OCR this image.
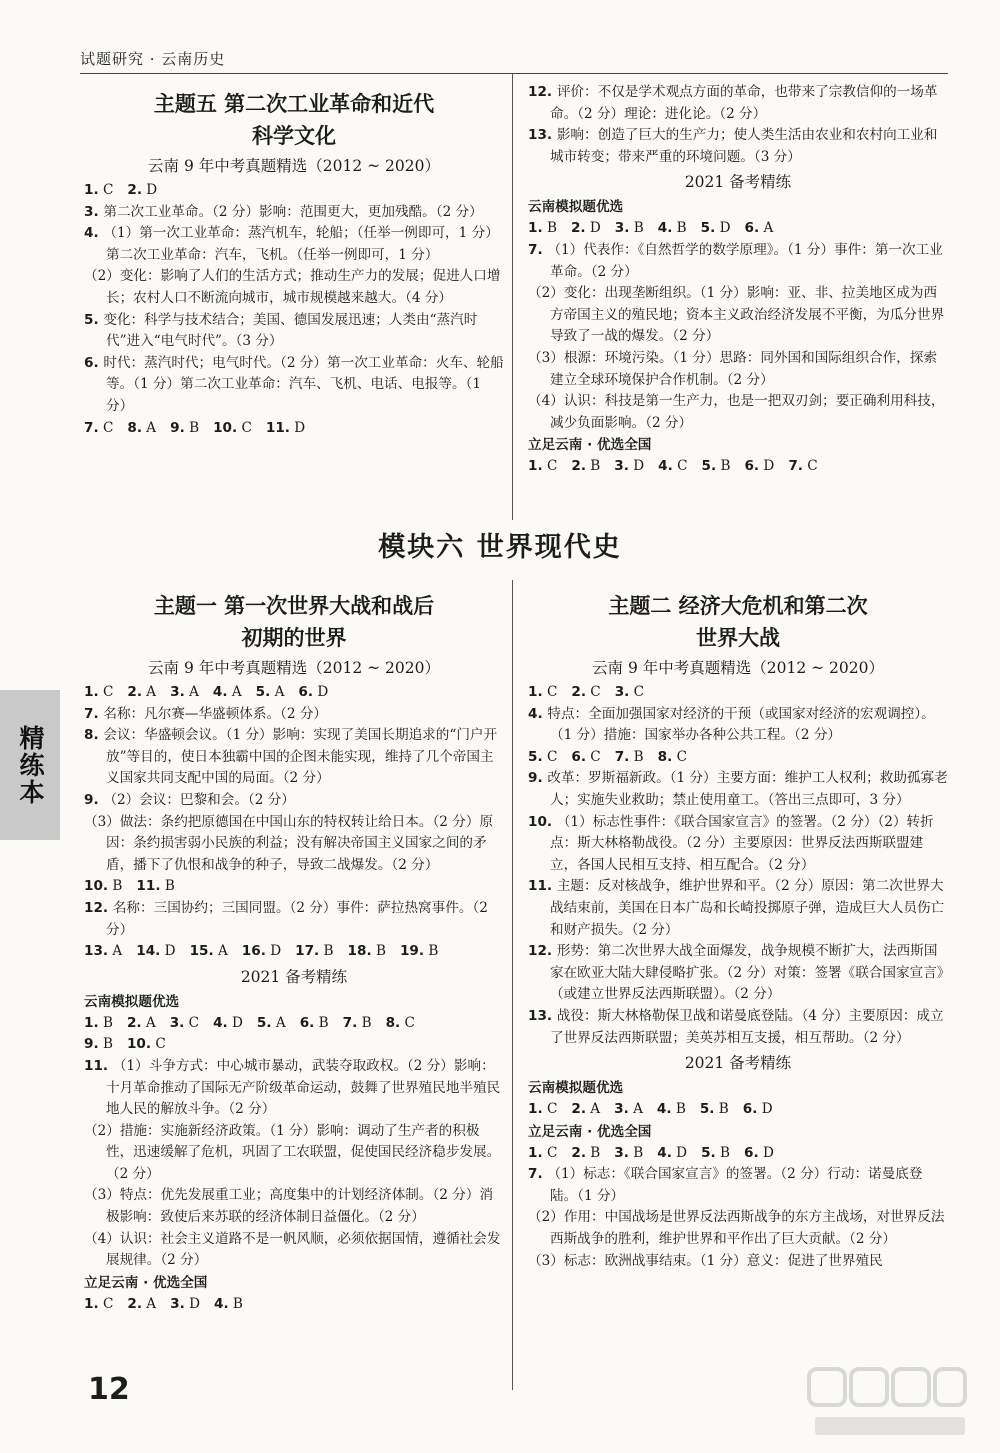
试题研究 · 云南历史
主题五 第二次工业革命和近代
科学文化
云南 9 年中考真题精选（2012 ~ 2020）
1. C 2. D

3. 第二次工业革命。（2 分）影响：范围更大，更加残酷。（2 分）

4. （1）第一次工业革命：蒸汽机车，轮船；（任举一例即可，1 分）第二次工业革命：汽车，飞机。（任举一例即可，1 分）

（2）变化：影响了人们的生活方式；推动生产力的发展；促进人口增长；农村人口不断流向城市，城市规模越来越大。（4 分）

5. 变化：科学与技术结合；美国、德国发展迅速；人类由“蒸汽时代”进入“电气时代”。（3 分）

6. 时代：蒸汽时代；电气时代。（2 分）第一次工业革命：火车、轮船等。（1 分）第二次工业革命：汽车、飞机、电话、电报等。（1 分）

7. C 8. A 9. B 10. C 11. D

12. 评价：不仅是学术观点方面的革命，也带来了宗教信仰的一场革命。（2 分）理论：进化论。（2 分）

13. 影响：创造了巨大的生产力；使人类生活由农业和农村向工业和城市转变；带来严重的环境问题。（3 分）

2021 备考精练
云南模拟题优选
1. B 2. D 3. B 4. B 5. D 6. A

7. （1）代表作：《自然哲学的数学原理》。（1 分）事件：第一次工业革命。（2 分）

（2）变化：出现垄断组织。（1 分）影响：亚、非、拉美地区成为西方帝国主义的殖民地；资本主义政治经济发展不平衡，为瓜分世界导致了一战的爆发。（2 分）

（3）根源：环境污染。（1 分）思路：同外国和国际组织合作，探索建立全球环境保护合作机制。（2 分）

（4）认识：科技是第一生产力，也是一把双刃剑；要正确利用科技，减少负面影响。（2 分）

立足云南 · 优选全国
1. C 2. B 3. D 4. C 5. B 6. D 7. C
模块六 世界现代史
主题一 第一次世界大战和战后
初期的世界
云南 9 年中考真题精选（2012 ~ 2020）
1. C 2. A 3. A 4. A 5. A 6. D

7. 名称：凡尔赛—华盛顿体系。（2 分）

8. 会议：华盛顿会议。（1 分）影响：实现了美国长期追求的“门户开放”等目的，使日本独霸中国的企图未能实现，维持了几个帝国主义国家共同支配中国的局面。（2 分）

9. （2）会议：巴黎和会。（2 分）

（3）做法：条约把原德国在中国山东的特权转让给日本。（2 分）原因：条约损害弱小民族的利益；没有解决帝国主义国家之间的矛盾，播下了仇恨和战争的种子，导致二战爆发。（2 分）

10. B 11. B

12. 名称：三国协约；三国同盟。（2 分）事件：萨拉热窝事件。（2 分）

13. A 14. D 15. A 16. D 17. B 18. B 19. B
2021 备考精练
云南模拟题优选
1. B 2. A 3. C 4. D 5. A 6. B 7. B 8. C
9. B 10. C

11. （1）斗争方式：中心城市暴动，武装夺取政权。（2 分）影响：十月革命推动了国际无产阶级革命运动，鼓舞了世界殖民地半殖民地人民的解放斗争。（2 分）

（2）措施：实施新经济政策。（1 分）影响：调动了生产者的积极性，迅速缓解了危机，巩固了工农联盟，促使国民经济稳步发展。（2 分）

（3）特点：优先发展重工业；高度集中的计划经济体制。（2 分）消极影响：致使后来苏联的经济体制日益僵化。（2 分）

（4）认识：社会主义道路不是一帆风顺，必须依据国情，遵循社会发展规律。（2 分）

立足云南 · 优选全国
1. C 2. A 3. D 4. B
主题二 经济大危机和第二次
世界大战
云南 9 年中考真题精选（2012 ~ 2020）
1. C 2. C 3. C

4. 特点：全面加强国家对经济的干预（或国家对经济的宏观调控）。（1 分）措施：国家举办各种公共工程。（2 分）

5. C 6. C 7. B 8. C

9. 改革：罗斯福新政。（1 分）主要方面：维护工人权利；救助孤寡老人；实施失业救助；禁止使用童工。（答出三点即可，3 分）

10. （1）标志性事件：《联合国家宣言》的签署。（2 分）（2）转折点：斯大林格勒战役。（2 分）主要原因：世界反法西斯联盟建立，各国人民相互支持、相互配合。（2 分）

11. 主题：反对核战争，维护世界和平。（2 分）原因：第二次世界大战结束前，美国在日本广岛和长崎投掷原子弹，造成巨大人员伤亡和财产损失。（2 分）

12. 形势：第二次世界大战全面爆发，战争规模不断扩大，法西斯国家在欧亚大陆大肆侵略扩张。（2 分）对策：签署《联合国家宣言》（或建立世界反法西斯联盟）。（2 分）

13. 战役：斯大林格勒保卫战和诺曼底登陆。（4 分）主要原因：成立了世界反法西斯联盟；美英苏相互支援，相互帮助。（2 分）

2021 备考精练
云南模拟题优选
1. C 2. A 3. A 4. B 5. B 6. D
立足云南 · 优选全国
1. C 2. B 3. B 4. D 5. B 6. D

7. （1）标志：《联合国家宣言》的签署。（2 分）行动：诺曼底登陆。（1 分）

（2）作用：中国战场是世界反法西斯战争的东方主战场，对世界反法西斯战争的胜利，维护世界和平作出了巨大贡献。（2 分）

（3）标志：欧洲战事结束。（1 分）意义：促进了世界殖民

精练本
12
